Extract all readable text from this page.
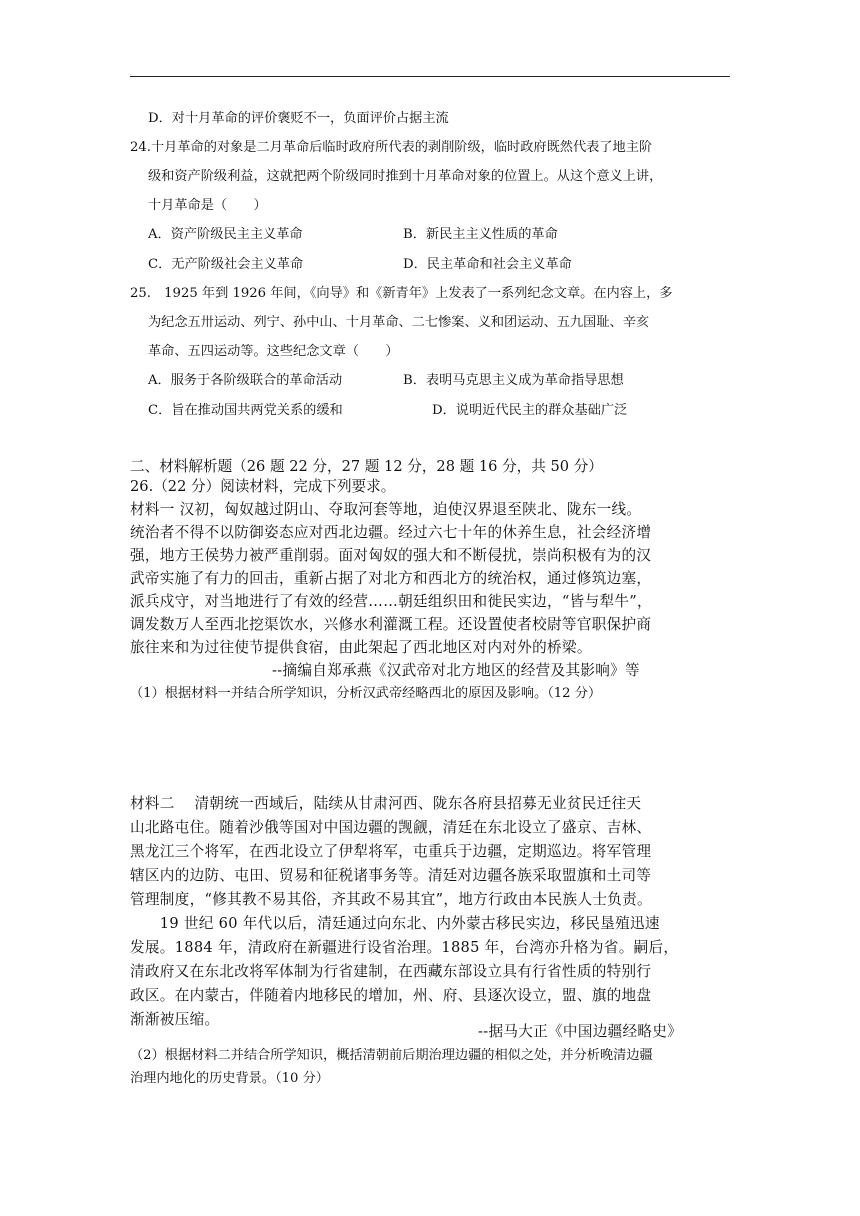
D．对十月革命的评价褒贬不一，负面评价占据主流
24.十月革命的对象是二月革命后临时政府所代表的剥削阶级，临时政府既然代表了地主阶
级和资产阶级利益，这就把两个阶级同时推到十月革命对象的位置上。从这个意义上讲，
十月革命是（　　）
A．资产阶级民主主义革命	B．新民主主义性质的革命
C．无产阶级社会主义革命	D．民主革命和社会主义革命
25.　1925 年到 1926 年间，《向导》和《新青年》上发表了一系列纪念文章。在内容上，多
为纪念五卅运动、列宁、孙中山、十月革命、二七惨案、义和团运动、五九国耻、辛亥
革命、五四运动等。这些纪念文章（　　）
A．服务于各阶级联合的革命活动	B．表明马克思主义成为革命指导思想
C．旨在推动国共两党关系的缓和	D．说明近代民主的群众基础广泛
二、材料解析题（26 题 22 分，27 题 12 分，28 题 16 分，共 50 分）
26.（22 分）阅读材料，完成下列要求。
材料一 汉初，匈奴越过阴山、夺取河套等地，迫使汉界退至陕北、陇东一线。
统治者不得不以防御姿态应对西北边疆。经过六七十年的休养生息，社会经济增
强，地方王侯势力被严重削弱。面对匈奴的强大和不断侵扰，崇尚积极有为的汉
武帝实施了有力的回击，重新占据了对北方和西北方的统治权，通过修筑边塞，
派兵戍守，对当地进行了有效的经营……朝廷组织田和徙民实边，“皆与犁牛”，
调发数万人至西北挖渠饮水，兴修水利灌溉工程。还设置使者校尉等官职保护商
旅往来和为过往使节提供食宿，由此架起了西北地区对内对外的桥梁。
--摘编自郑承燕《汉武帝对北方地区的经营及其影响》等
（1）根据材料一并结合所学知识，分析汉武帝经略西北的原因及影响。（12 分）
材料二　 清朝统一西域后，陆续从甘肃河西、陇东各府县招募无业贫民迁往天
山北路屯住。随着沙俄等国对中国边疆的觊觎，清廷在东北设立了盛京、吉林、
黑龙江三个将军，在西北设立了伊犁将军，屯重兵于边疆，定期巡边。将军管理
辖区内的边防、屯田、贸易和征税诸事务等。清廷对边疆各族采取盟旗和土司等
管理制度，“修其教不易其俗，齐其政不易其宜”，地方行政由本民族人士负责。
　　19 世纪 60 年代以后，清廷通过向东北、内外蒙古移民实边，移民垦殖迅速
发展。1884 年，清政府在新疆进行设省治理。1885 年，台湾亦升格为省。嗣后，
清政府又在东北改将军体制为行省建制，在西藏东部设立具有行省性质的特别行
政区。在内蒙古，伴随着内地移民的增加，州、府、县逐次设立，盟、旗的地盘
渐渐被压缩。
--据马大正《中国边疆经略史》
（2）根据材料二并结合所学知识，概括清朝前后期治理边疆的相似之处，并分析晚清边疆
治理内地化的历史背景。（10 分）
